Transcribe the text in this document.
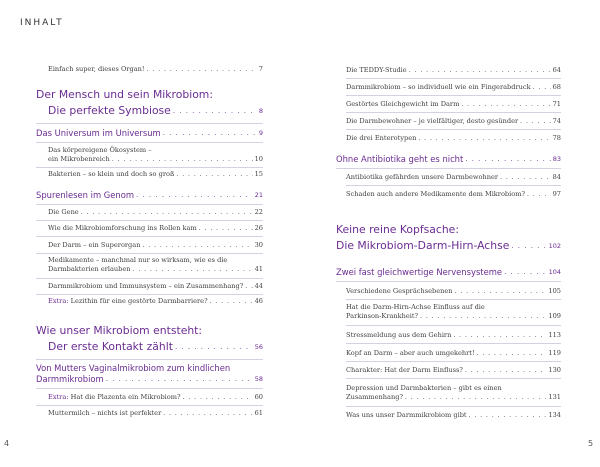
INHALT
Einfach super, dieses Organ! . . .	7
Der Mensch und sein Mikrobiom:
Die perfekte Symbiose . . .	8
Das Universum im Universum . . .	9
Das körpereigene Ökosystem –
ein Mikrobenreich . . .	10
Bakterien – so klein und doch so groß . . .	15
Spurenlesen im Genom . . .	21
Die Gene . . .	22
Wie die Mikrobiomforschung ins Rollen kam . . .	26
Der Darm – ein Superorgan . . .	30
Medikamente – manchmal nur so wirksam, wie es die
Darmbakterien erlauben . . .	41
Darmmikrobiom und Immunsystem – ein Zusammenhang? . . . 44
Extra: Lezithin für eine gestörte Darmbarriere? . . .	46
Wie unser Mikrobiom entsteht:
Der erste Kontakt zählt . . .	56
Von Mutters Vaginalmikrobiom zum kindlichen
Darmmikrobiom . . .	58
Extra: Hat die Plazenta ein Mikrobiom? . . .	60
Muttermilch – nichts ist perfekter . . .	61
Die TEDDY-Studie . . .	64
Darmmikrobiom – so individuell wie ein Fingerabdruck . . .	68
Gestörtes Gleichgewicht im Darm . . .	71
Die Darmbewohner – je vielfältiger, desto gesünder . . .	74
Die drei Enterotypen . . .	78
Ohne Antibiotika geht es nicht . . .	83
Antibiotika gefährden unsere Darmbewohner . . .	84
Schaden auch andere Medikamente dem Mikrobiom? . . .	97
Keine reine Kopfsache:
Die Mikrobiom-Darm-Hirn-Achse . . .	102
Zwei fast gleichwertige Nervensysteme . . .	104
Verschiedene Gesprächsebenen . . .	105
Hat die Darm-Hirn-Achse Einfluss auf die
Parkinson-Krankheit? . . .	109
Stressmeldung aus dem Gehirn . . .	113
Kopf an Darm – aber auch umgekehrt! . . .	119
Charakter: Hat der Darm Einfluss? . . .	130
Depression und Darmbakterien – gibt es einen
Zusammenhang? . . .	131
Was uns unser Darmmikrobiom gibt . . .	134
4	5
